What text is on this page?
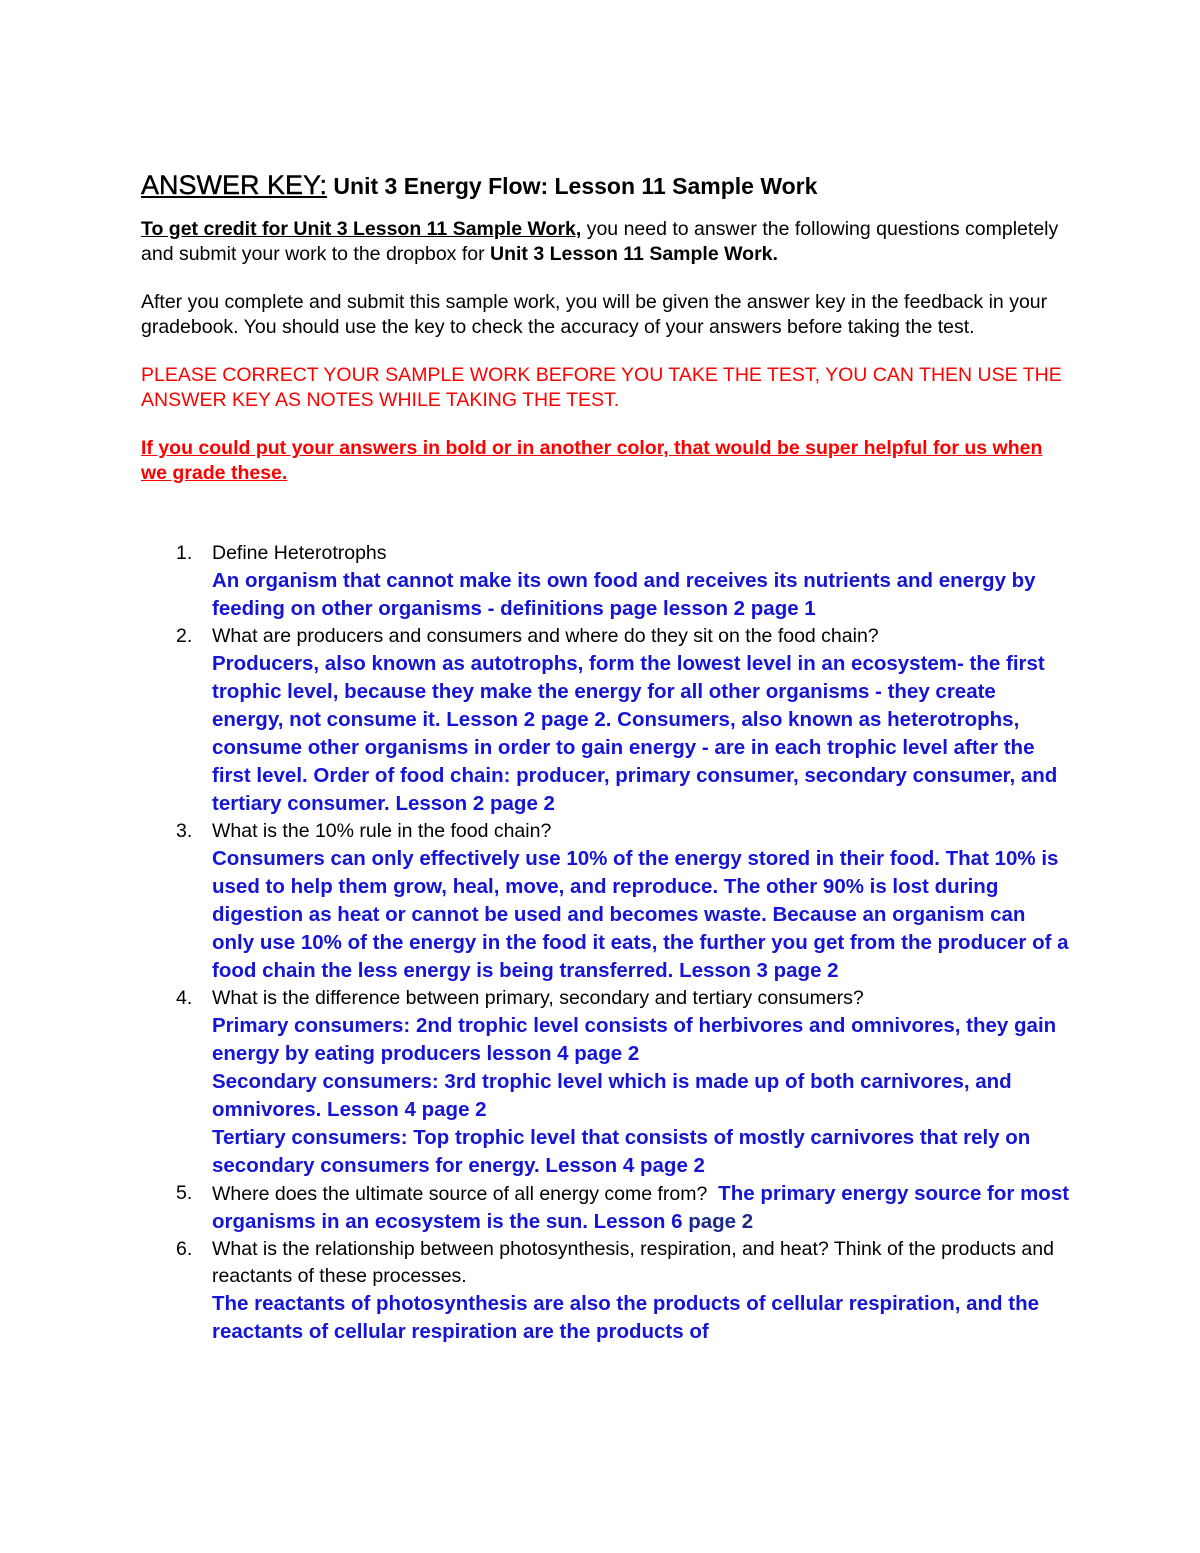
ANSWER KEY: Unit 3 Energy Flow: Lesson 11 Sample Work

To get credit for Unit 3 Lesson 11 Sample Work, you need to answer the following questions completely and submit your work to the dropbox for Unit 3 Lesson 11 Sample Work.

After you complete and submit this sample work, you will be given the answer key in the feedback in your gradebook. You should use the key to check the accuracy of your answers before taking the test.

PLEASE CORRECT YOUR SAMPLE WORK BEFORE YOU TAKE THE TEST, YOU CAN THEN USE THE ANSWER KEY AS NOTES WHILE TAKING THE TEST.

If you could put your answers in bold or in another color, that would be super helpful for us when we grade these.

1. Define Heterotrophs
An organism that cannot make its own food and receives its nutrients and energy by feeding on other organisms - definitions page lesson 2 page 1
2. What are producers and consumers and where do they sit on the food chain?
Producers, also known as autotrophs, form the lowest level in an ecosystem- the first trophic level, because they make the energy for all other organisms - they create energy, not consume it. Lesson 2 page 2. Consumers, also known as heterotrophs, consume other organisms in order to gain energy - are in each trophic level after the first level. Order of food chain: producer, primary consumer, secondary consumer, and tertiary consumer. Lesson 2 page 2
3. What is the 10% rule in the food chain?
Consumers can only effectively use 10% of the energy stored in their food. That 10% is used to help them grow, heal, move, and reproduce. The other 90% is lost during digestion as heat or cannot be used and becomes waste. Because an organism can only use 10% of the energy in the food it eats, the further you get from the producer of a food chain the less energy is being transferred. Lesson 3 page 2
4. What is the difference between primary, secondary and tertiary consumers?
Primary consumers: 2nd trophic level consists of herbivores and omnivores, they gain energy by eating producers lesson 4 page 2
Secondary consumers: 3rd trophic level which is made up of both carnivores, and omnivores. Lesson 4 page 2
Tertiary consumers: Top trophic level that consists of mostly carnivores that rely on secondary consumers for energy. Lesson 4 page 2
5. Where does the ultimate source of all energy come from? The primary energy source for most organisms in an ecosystem is the sun. Lesson 6 page 2
6. What is the relationship between photosynthesis, respiration, and heat? Think of the products and reactants of these processes.
The reactants of photosynthesis are also the products of cellular respiration, and the reactants of cellular respiration are the products of
